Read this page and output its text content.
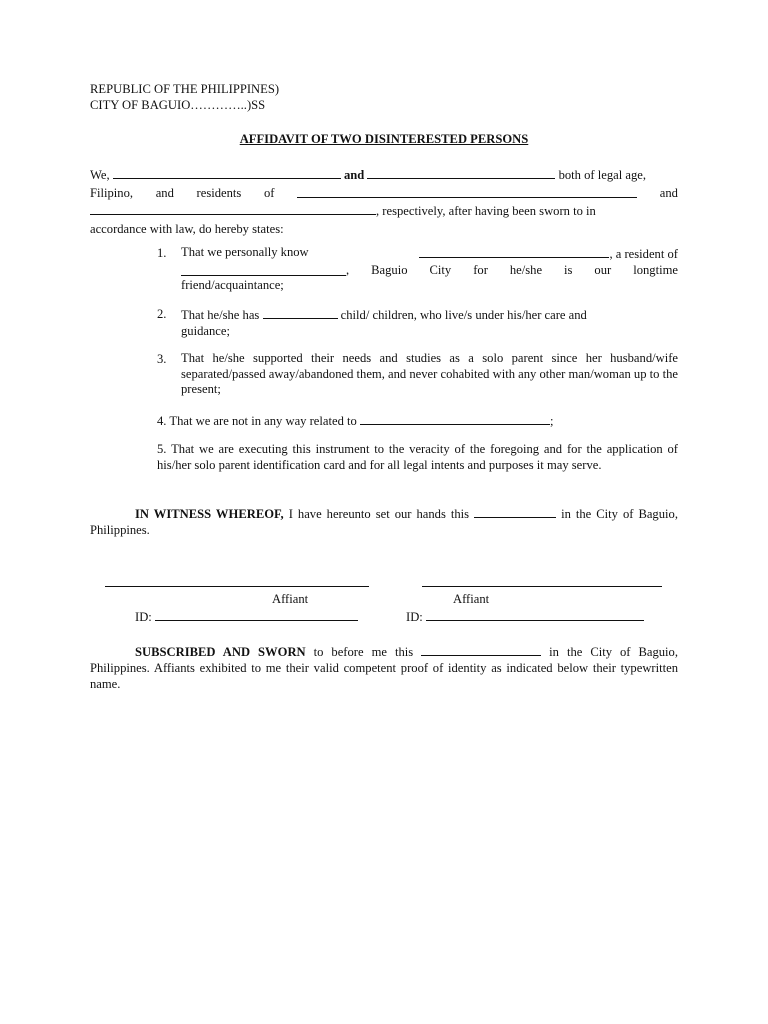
REPUBLIC OF THE PHILIPPINES)
CITY OF BAGUIO…………..)SS
AFFIDAVIT OF TWO DISINTERESTED PERSONS
We,	and	both of legal age,
Filipino, and residents of	and
, respectively, after having been sworn to in
accordance with law, do hereby states:
1. That we personally know	, a resident of
, Baguio City for he/she is our longtime
friend/acquaintance;
2. That he/she has	child/ children, who live/s under his/her care and
guidance;
3. That he/she supported their needs and studies as a solo parent since her husband/wife separated/passed away/abandoned them, and never cohabited with any other man/woman up to the present;
4. That we are not in any way related to	;
5. That we are executing this instrument to the veracity of the foregoing and for the application of his/her solo parent identification card and for all legal intents and purposes it may serve.
IN WITNESS WHEREOF, I have hereunto set our hands this	in the City of Baguio, Philippines.
Affiant	Affiant
ID:	ID:
SUBSCRIBED AND SWORN to before me this	in the City of Baguio, Philippines. Affiants exhibited to me their valid competent proof of identity as indicated below their typewritten name.
